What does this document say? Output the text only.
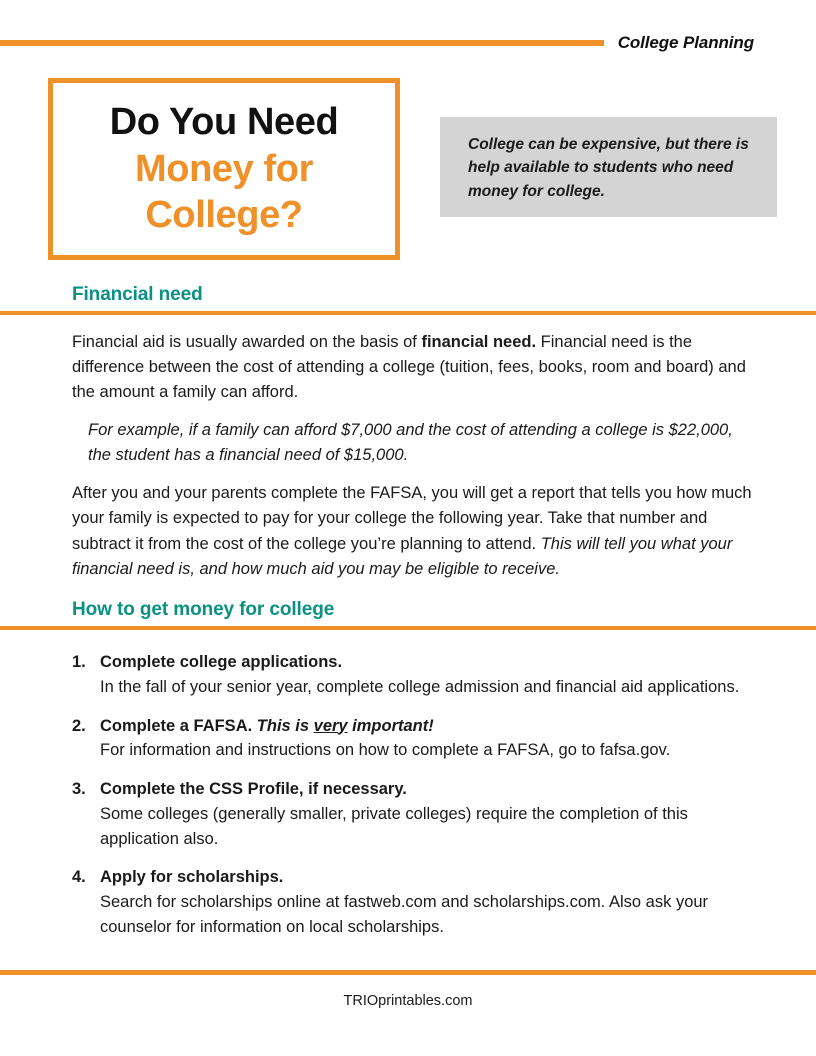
College Planning
Do You Need
Money for
College?
College can be expensive, but there is help available to students who need money for college.
Financial need

Financial aid is usually awarded on the basis of financial need. Financial need is the difference between the cost of attending a college (tuition, fees, books, room and board) and the amount a family can afford.

For example, if a family can afford $7,000 and the cost of attending a college is $22,000, the student has a financial need of $15,000.

After you and your parents complete the FAFSA, you will get a report that tells you how much your family is expected to pay for your college the following year. Take that number and subtract it from the cost of the college you’re planning to attend. This will tell you what your financial need is, and how much aid you may be eligible to receive.

How to get money for college
1. Complete college applications.
In the fall of your senior year, complete college admission and financial aid applications.
2. Complete a FAFSA. This is very important!
For information and instructions on how to complete a FAFSA, go to fafsa.gov.
3. Complete the CSS Profile, if necessary.
Some colleges (generally smaller, private colleges) require the completion of this application also.
4. Apply for scholarships.
Search for scholarships online at fastweb.com and scholarships.com. Also ask your counselor for information on local scholarships.
TRIOprintables.com
